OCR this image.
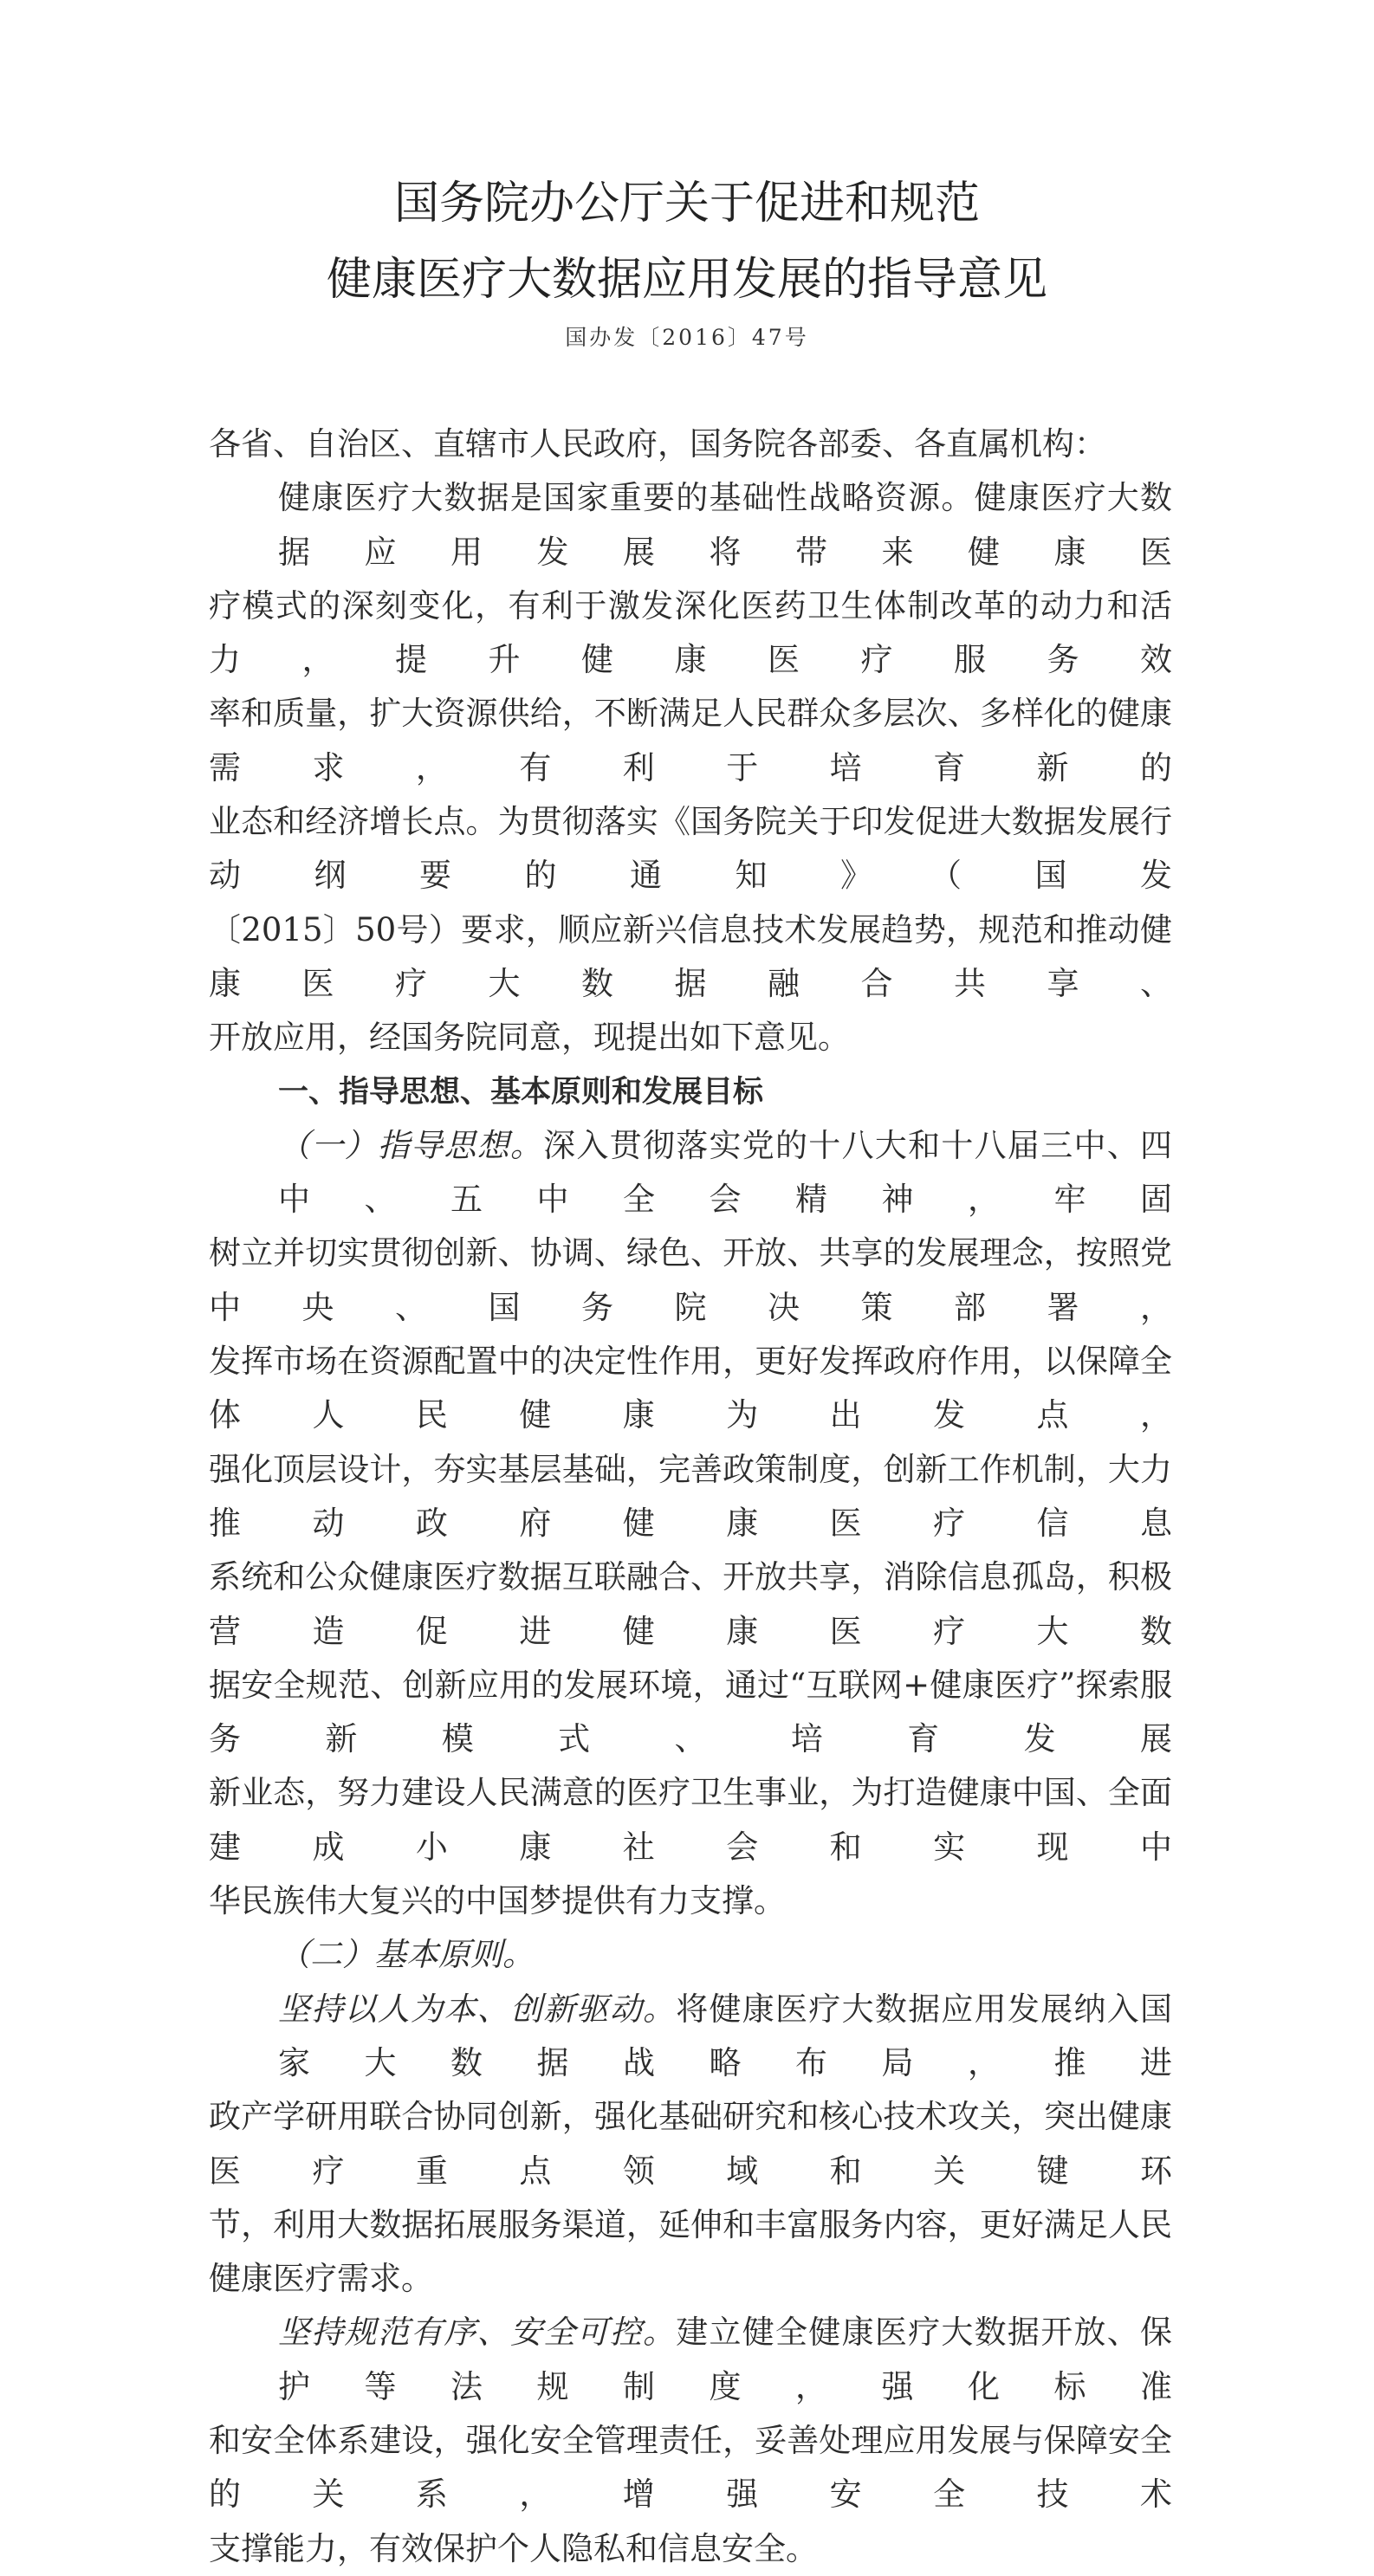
国务院办公厅关于促进和规范
健康医疗大数据应用发展的指导意见
国办发〔2016〕47号
各省、自治区、直辖市人民政府，国务院各部委、各直属机构：
健康医疗大数据是国家重要的基础性战略资源。健康医疗大数据应用发展将带来健康医
疗模式的深刻变化，有利于激发深化医药卫生体制改革的动力和活力，提升健康医疗服务效
率和质量，扩大资源供给，不断满足人民群众多层次、多样化的健康需求，有利于培育新的
业态和经济增长点。为贯彻落实《国务院关于印发促进大数据发展行动纲要的通知》（国发
〔2015〕50号）要求，顺应新兴信息技术发展趋势，规范和推动健康医疗大数据融合共享、
开放应用，经国务院同意，现提出如下意见。
一、指导思想、基本原则和发展目标
（一）指导思想。深入贯彻落实党的十八大和十八届三中、四中、五中全会精神，牢固
树立并切实贯彻创新、协调、绿色、开放、共享的发展理念，按照党中央、国务院决策部署，
发挥市场在资源配置中的决定性作用，更好发挥政府作用，以保障全体人民健康为出发点，
强化顶层设计，夯实基层基础，完善政策制度，创新工作机制，大力推动政府健康医疗信息
系统和公众健康医疗数据互联融合、开放共享，消除信息孤岛，积极营造促进健康医疗大数
据安全规范、创新应用的发展环境，通过“互联网+健康医疗”探索服务新模式、培育发展
新业态，努力建设人民满意的医疗卫生事业，为打造健康中国、全面建成小康社会和实现中
华民族伟大复兴的中国梦提供有力支撑。
（二）基本原则。
坚持以人为本、创新驱动。将健康医疗大数据应用发展纳入国家大数据战略布局，推进
政产学研用联合协同创新，强化基础研究和核心技术攻关，突出健康医疗重点领域和关键环
节，利用大数据拓展服务渠道，延伸和丰富服务内容，更好满足人民健康医疗需求。
坚持规范有序、安全可控。建立健全健康医疗大数据开放、保护等法规制度，强化标准
和安全体系建设，强化安全管理责任，妥善处理应用发展与保障安全的关系，增强安全技术
支撑能力，有效保护个人隐私和信息安全。
